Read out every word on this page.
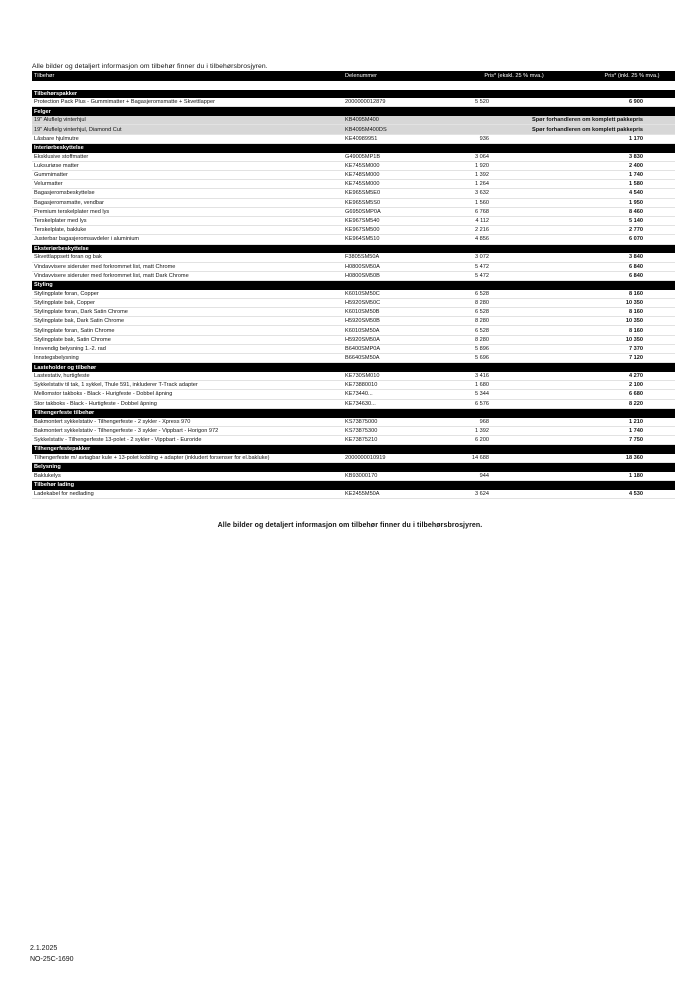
Alle bilder og detaljert informasjon om tilbehør finner du i tilbehørsbrosjyren.
Tilbehør	Delenummer	Pris* (ekskl. 25 % mva.)	Pris* (inkl. 25 % mva.)
Tilbehørspakker
Protection Pack Plus - Gummimatter + Bagasjeromsmatte + Skvettlapper	2000000012879	5 520	6 900
Felger
19" Aluflelg vinterhjul	KB4095M400	Spør forhandleren om komplett pakkepris
19" Aluflelg vinterhjul, Diamond Cut	KB4095M400DS	Spør forhandleren om komplett pakkepris
Låsbare hjulmutre	KE40989951	936	1 170
Interiørbeskyttelse
Eksklusive stoffmatter	G49005MP1B	3 064	3 830
Luksuriøse matter	KE745SM000	1 920	2 400
Gummimatter	KE748SM000	1 392	1 740
Velurmatter	KE745SM000	1 264	1 580
Bagasjeromsbeskyttelse	KE965SM5E0	3 632	4 540
Bagasjeromsmatte, vendbar	KE965SM5S0	1 560	1 950
Premium terskelplater med lys	G6950SMP0A	6 768	8 460
Terskelplater med lys	KE967SM540	4 112	5 140
Terskelplate, bakluke	KE967SM500	2 216	2 770
Justerbar bagasjeromsavdeler i aluminium	KE964SM510	4 856	6 070
Eksteriørbeskyttelse
Skvettlappsett foran og bak	F3805SM50A	3 072	3 840
Vindavvisere sideruter med forkrommet list, matt Chrome	H0800SM50A	5 472	6 840
Vindavvisere sideruter med forkrommet list, matt Dark Chrome	H0800SM50B	5 472	6 840
Styling
Stylingplate foran, Copper	K6010SM50C	6 528	8 160
Stylingplate bak, Copper	H5920SM50C	8 280	10 350
Stylingplate foran, Dark Satin Chrome	K6010SM50B	6 528	8 160
Stylingplate bak, Dark Satin Chrome	H5920SM50B	8 280	10 350
Stylingplate foran, Satin Chrome	K6010SM50A	6 528	8 160
Stylingplate bak, Satin Chrome	H5920SM50A	8 280	10 350
Innvendig belysning 1.-2. rad	B6400SMP0A	5 896	7 370
Innstegsbelysning	B6640SM50A	5 696	7 120
Lasteholder og tilbehør
Lastestativ, hurtigfeste	KE730SM010	3 416	4 270
Sykkelstativ til tak, 1 sykkel, Thule 591, inkluderer T-Track adapter	KE73880010	1 680	2 100
Mellomstor takboks - Black - Hurigfeste - Dobbel åpning	KE73440...	5 344	6 680
Stor takboks - Black - Hurtigfeste - Dobbel åpning	KE734630...	6 576	8 220
Tilhengerfeste tilbehør
Bakmontert sykkelstativ - Tilhengerfeste - 2 sykler - Xpress 970	KS73875000	968	1 210
Bakmontert sykkelstativ - Tilhengerfeste - 3 sykler - Vippbart - Horigon 972	KS73875300	1 392	1 740
Sykkelstativ - Tilhengerfeste 13-polet - 2 sykler - Vippbart - Euroride	KE73875210	6 200	7 750
Tilhengerfestepakker
Tilhengerfeste m/ avtagbar kule + 13-polet kobling + adapter (inkludert forsenser for el.bakluke)	2000000010919	14 688	18 360
Belysning
Baklukelys	KB93000170	944	1 180
Tilbehør lading
Ladekabel for nedlading	KE2455M50A	3 624	4 530
Alle bilder og detaljert informasjon om tilbehør finner du i tilbehørsbrosjyren.
2.1.2025
NO-25C-1690
